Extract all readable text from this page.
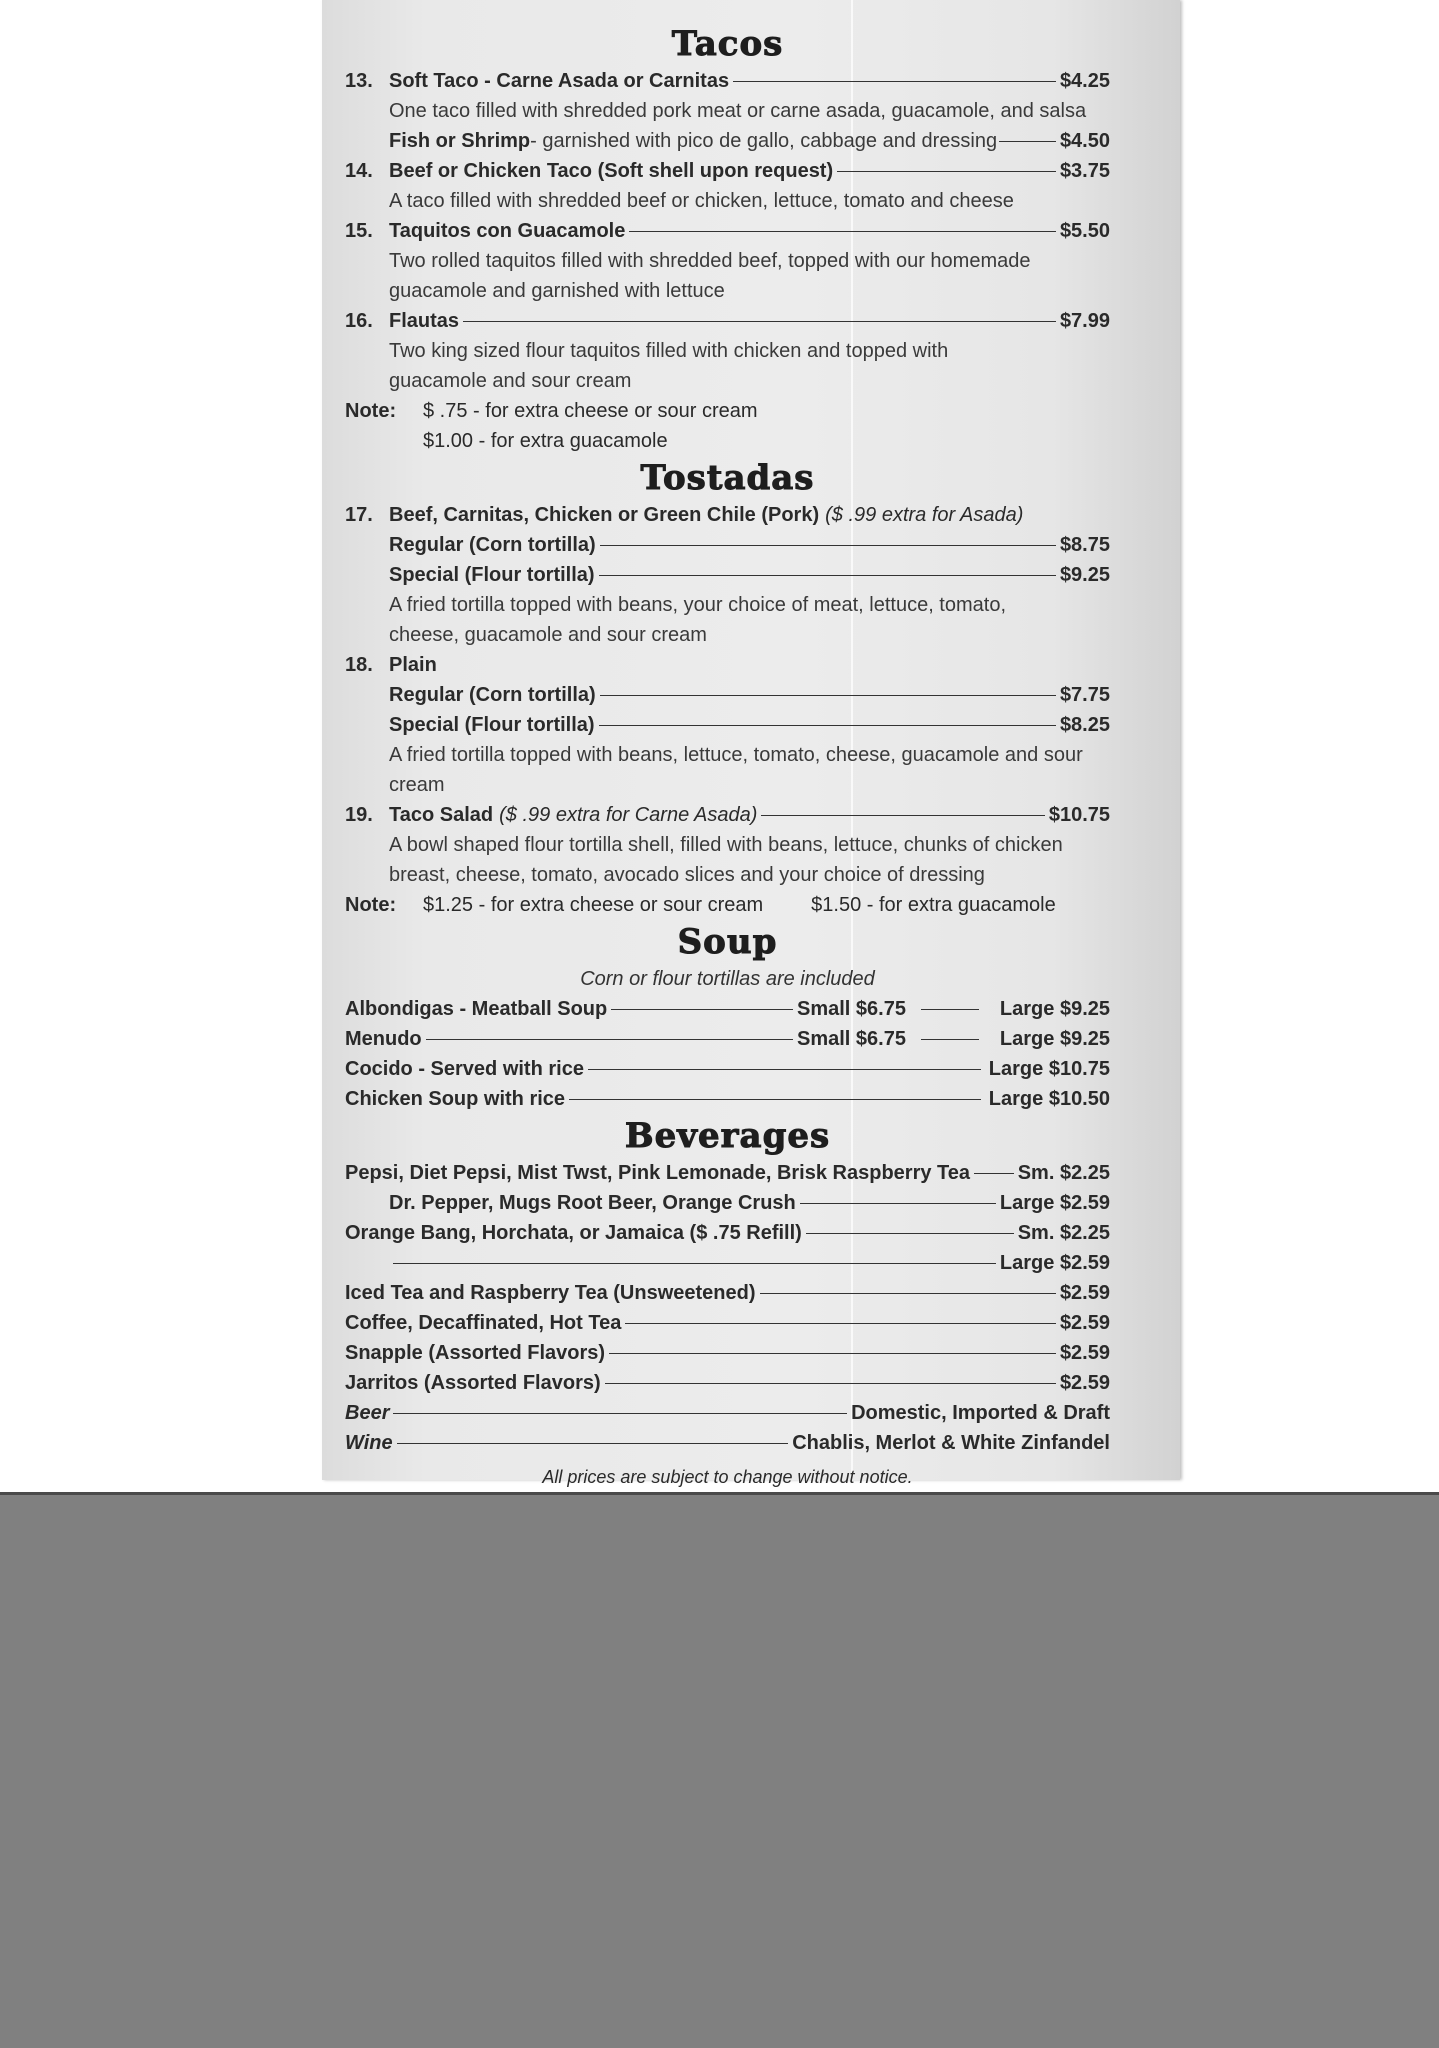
Tacos
13. Soft Taco - Carne Asada or Carnitas	$4.25
One taco filled with shredded pork meat or carne asada, guacamole, and salsa
Fish or Shrimp - garnished with pico de gallo, cabbage and dressing	$4.50
14. Beef or Chicken Taco (Soft shell upon request)	$3.75
A taco filled with shredded beef or chicken, lettuce, tomato and cheese
15. Taquitos con Guacamole	$5.50
Two rolled taquitos filled with shredded beef, topped with our homemade guacamole and garnished with lettuce
16. Flautas	$7.99
Two king sized flour taquitos filled with chicken and topped with guacamole and sour cream
Note:	$ .75 - for extra cheese or sour cream
$1.00 - for extra guacamole
Tostadas
17. Beef, Carnitas, Chicken or Green Chile (Pork) ($ .99 extra for Asada)
Regular (Corn tortilla)	$8.75
Special (Flour tortilla)	$9.25
A fried tortilla topped with beans, your choice of meat, lettuce, tomato, cheese, guacamole and sour cream
18. Plain
Regular (Corn tortilla)	$7.75
Special (Flour tortilla)	$8.25
A fried tortilla topped with beans, lettuce, tomato, cheese, guacamole and sour cream
19. Taco Salad ($ .99 extra for Carne Asada)	$10.75
A bowl shaped flour tortilla shell, filled with beans, lettuce, chunks of chicken breast, cheese, tomato, avocado slices and your choice of dressing
Note:	$1.25 - for extra cheese or sour cream $1.50 - for extra guacamole
Soup
Corn or flour tortillas are included
Albondigas - Meatball Soup	Small $6.75	Large $9.25
Menudo	Small $6.75	Large $9.25
Cocido - Served with rice	Large $10.75
Chicken Soup with rice	Large $10.50
Beverages
Pepsi, Diet Pepsi, Mist Twst, Pink Lemonade, Brisk Raspberry Tea Sm. $2.25
Dr. Pepper, Mugs Root Beer, Orange Crush	Large $2.59
Orange Bang, Horchata, or Jamaica ($ .75 Refill)	Sm. $2.25
Large $2.59
Iced Tea and Raspberry Tea (Unsweetened)	$2.59
Coffee, Decaffinated, Hot Tea	$2.59
Snapple (Assorted Flavors)	$2.59
Jarritos (Assorted Flavors)	$2.59
Beer	Domestic, Imported & Draft
Wine	Chablis, Merlot & White Zinfandel
All prices are subject to change without notice.
